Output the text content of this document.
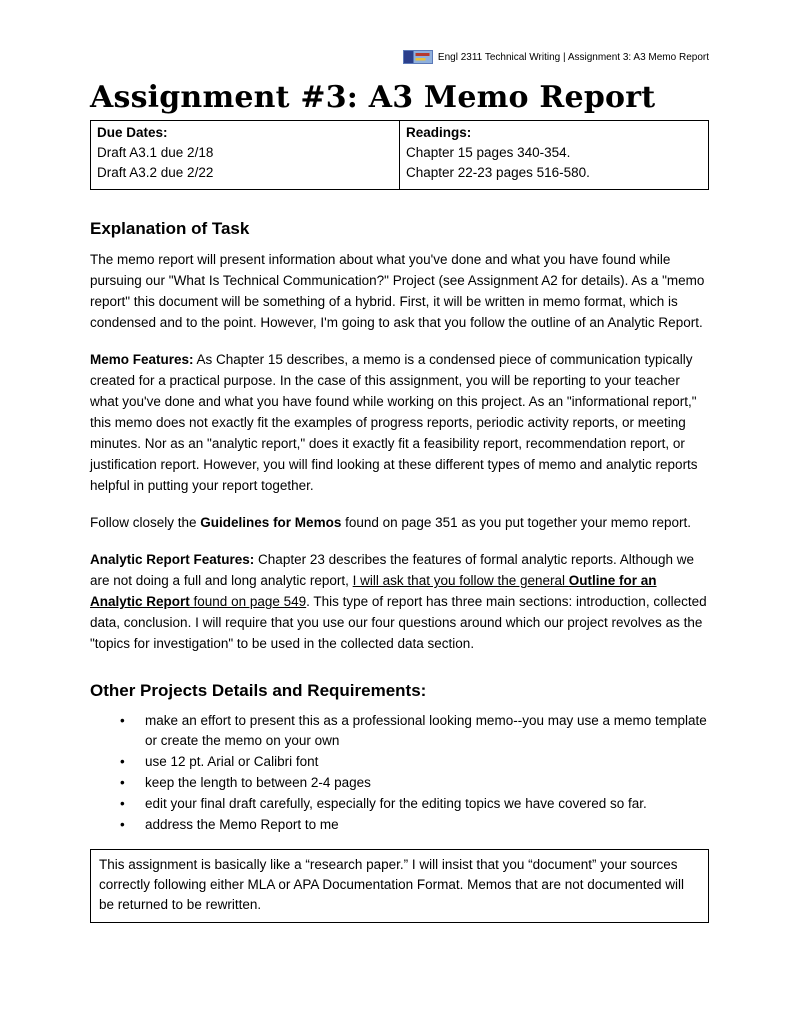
Engl 2311 Technical Writing | Assignment 3: A3 Memo Report
Assignment #3: A3 Memo Report
Due Dates:
Draft A3.1 due 2/18
Draft A3.2 due 2/22

Readings:
Chapter 15 pages 340-354.
Chapter 22-23 pages 516-580.
Explanation of Task

The memo report will present information about what you've done and what you have found while pursuing our "What Is Technical Communication?" Project (see Assignment A2 for details). As a "memo report" this document will be something of a hybrid. First, it will be written in memo format, which is condensed and to the point. However, I'm going to ask that you follow the outline of an Analytic Report.

Memo Features: As Chapter 15 describes, a memo is a condensed piece of communication typically created for a practical purpose. In the case of this assignment, you will be reporting to your teacher what you've done and what you have found while working on this project. As an "informational report," this memo does not exactly fit the examples of progress reports, periodic activity reports, or meeting minutes. Nor as an "analytic report," does it exactly fit a feasibility report, recommendation report, or justification report. However, you will find looking at these different types of memo and analytic reports helpful in putting your report together.

Follow closely the Guidelines for Memos found on page 351 as you put together your memo report.

Analytic Report Features: Chapter 23 describes the features of formal analytic reports. Although we are not doing a full and long analytic report, I will ask that you follow the general Outline for an Analytic Report found on page 549. This type of report has three main sections: introduction, collected data, conclusion. I will require that you use our four questions around which our project revolves as the "topics for investigation" to be used in the collected data section.

Other Projects Details and Requirements:
• make an effort to present this as a professional looking memo--you may use a memo template or create the memo on your own
• use 12 pt. Arial or Calibri font
• keep the length to between 2-4 pages
• edit your final draft carefully, especially for the editing topics we have covered so far.
• address the Memo Report to me
This assignment is basically like a “research paper.” I will insist that you “document” your sources correctly following either MLA or APA Documentation Format. Memos that are not documented will be returned to be rewritten.
